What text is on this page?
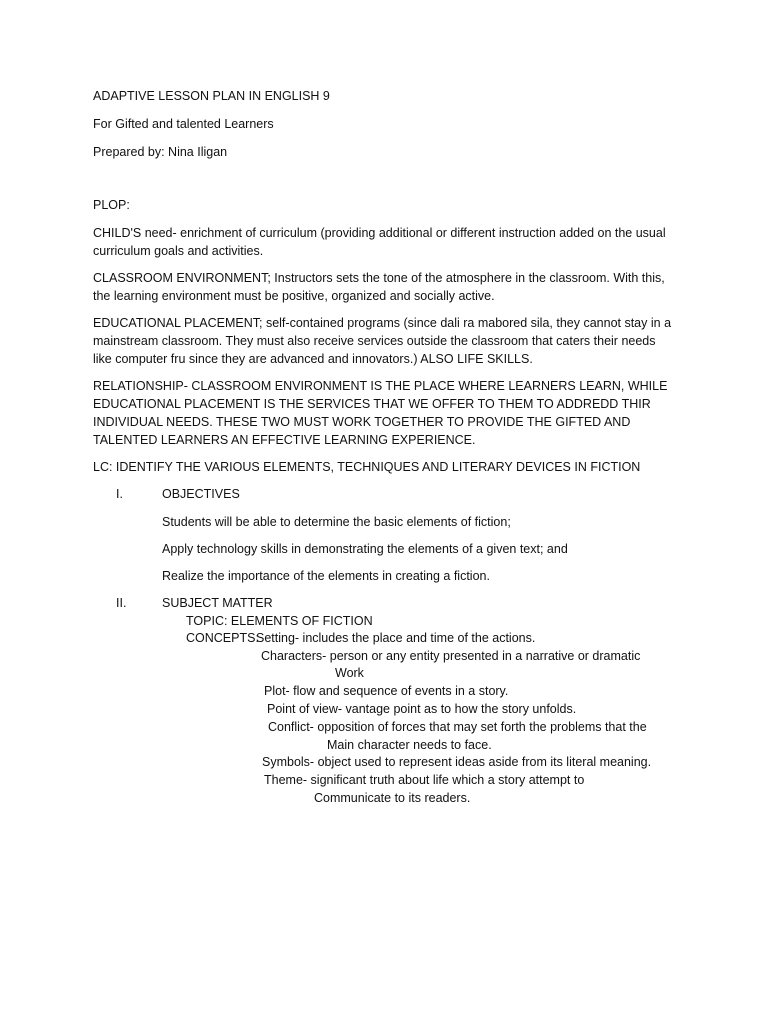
ADAPTIVE LESSON PLAN IN ENGLISH 9
For Gifted and talented Learners
Prepared by: Nina Iligan
PLOP:
CHILD'S need- enrichment of curriculum (providing additional or different instruction added on the usual curriculum goals and activities.
CLASSROOM ENVIRONMENT; Instructors sets the tone of the atmosphere in the classroom. With this, the learning environment must be positive, organized and socially active.
EDUCATIONAL PLACEMENT; self-contained programs (since dali ra mabored sila, they cannot stay in a mainstream classroom. They must also receive services outside the classroom that caters their needs like computer fru since they are advanced and innovators.) ALSO LIFE SKILLS.
RELATIONSHIP- CLASSROOM ENVIRONMENT IS THE PLACE WHERE LEARNERS LEARN, WHILE EDUCATIONAL PLACEMENT IS THE SERVICES THAT WE OFFER TO THEM TO ADDREDD THIR INDIVIDUAL NEEDS. THESE TWO MUST WORK TOGETHER TO PROVIDE THE GIFTED AND TALENTED LEARNERS AN EFFECTIVE LEARNING EXPERIENCE.
LC: IDENTIFY THE VARIOUS ELEMENTS, TECHNIQUES AND LITERARY DEVICES IN FICTION
I.	OBJECTIVES
Students will be able to determine the basic elements of fiction;
Apply technology skills in demonstrating the elements of a given text; and
Realize the importance of the elements in creating a fiction.
II.	SUBJECT MATTER
TOPIC: ELEMENTS OF FICTION
CONCEPTS:
Setting- includes the place and time of the actions.
Characters- person or any entity presented in a narrative or dramatic
Work
Plot- flow and sequence of events in a story.
Point of view- vantage point as to how the story unfolds.
Conflict- opposition of forces that may set forth the problems that the
Main character needs to face.
Symbols- object used to represent ideas aside from its literal meaning.
Theme- significant truth about life which a story attempt to
Communicate to its readers.
